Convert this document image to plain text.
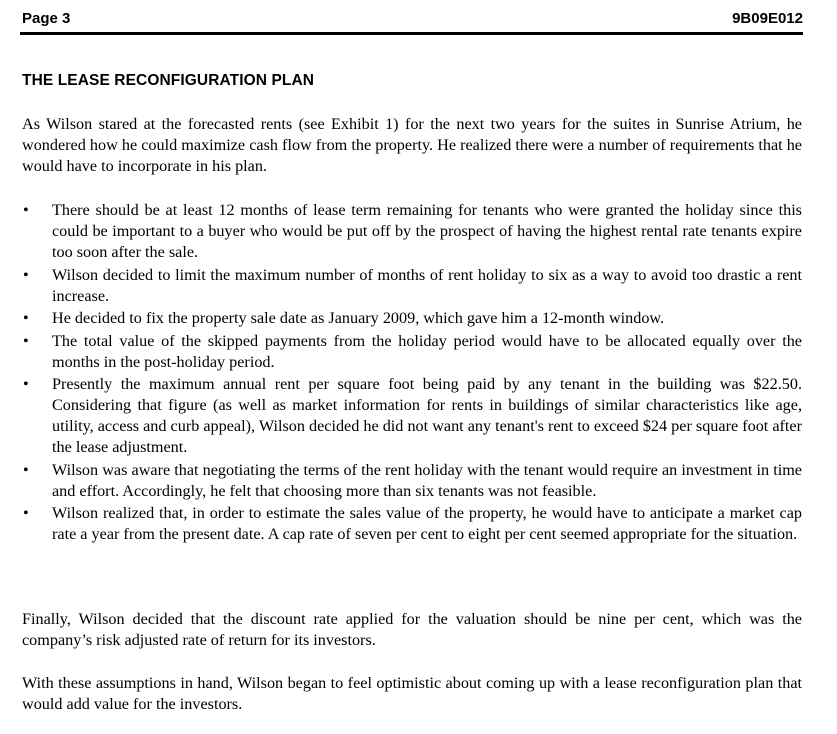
Page 3	9B09E012
THE LEASE RECONFIGURATION PLAN

As Wilson stared at the forecasted rents (see Exhibit 1) for the next two years for the suites in Sunrise Atrium, he wondered how he could maximize cash flow from the property. He realized there were a number of requirements that he would have to incorporate in his plan.

•	There should be at least 12 months of lease term remaining for tenants who were granted the holiday since this could be important to a buyer who would be put off by the prospect of having the highest rental rate tenants expire too soon after the sale.
•	Wilson decided to limit the maximum number of months of rent holiday to six as a way to avoid too drastic a rent increase.
•	He decided to fix the property sale date as January 2009, which gave him a 12-month window.
•	The total value of the skipped payments from the holiday period would have to be allocated equally over the months in the post-holiday period.
•	Presently the maximum annual rent per square foot being paid by any tenant in the building was $22.50. Considering that figure (as well as market information for rents in buildings of similar characteristics like age, utility, access and curb appeal), Wilson decided he did not want any tenant's rent to exceed $24 per square foot after the lease adjustment.
•	Wilson was aware that negotiating the terms of the rent holiday with the tenant would require an investment in time and effort. Accordingly, he felt that choosing more than six tenants was not feasible.
•	Wilson realized that, in order to estimate the sales value of the property, he would have to anticipate a market cap rate a year from the present date. A cap rate of seven per cent to eight per cent seemed appropriate for the situation.

Finally, Wilson decided that the discount rate applied for the valuation should be nine per cent, which was the company’s risk adjusted rate of return for its investors.

With these assumptions in hand, Wilson began to feel optimistic about coming up with a lease reconfiguration plan that would add value for the investors.
